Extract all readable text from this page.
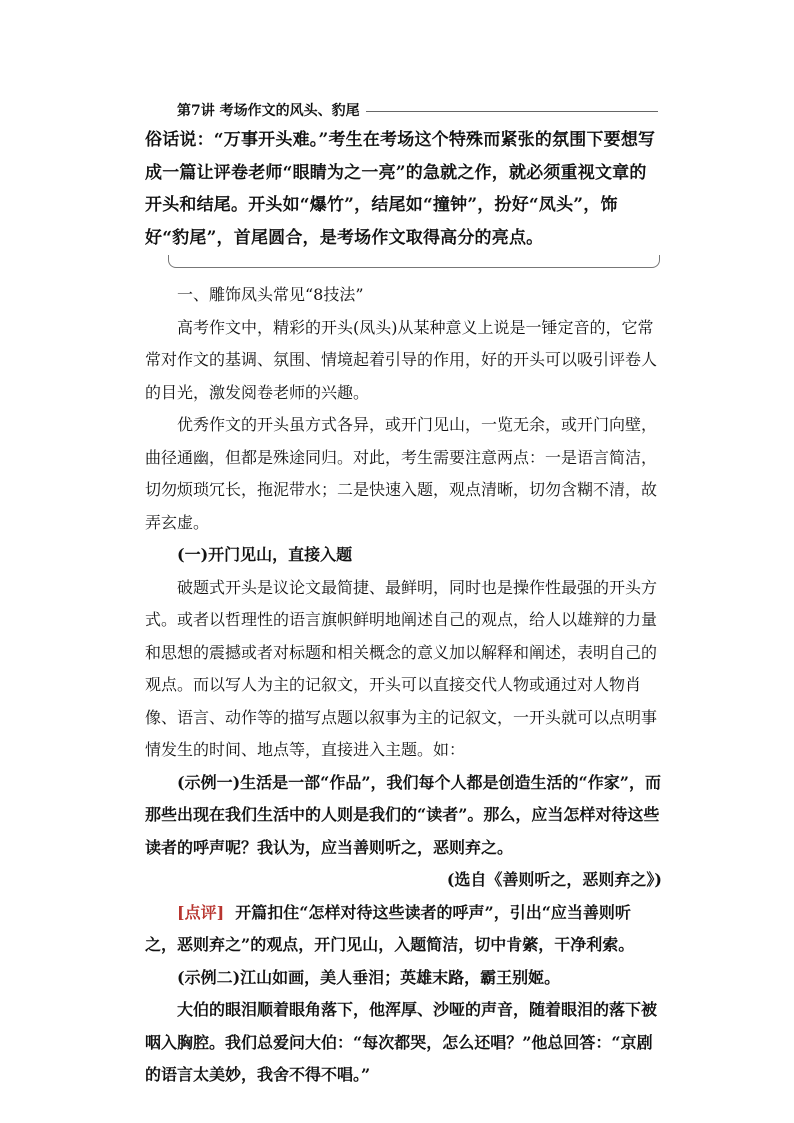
第7讲 考场作文的风头、豹尾
俗话说：“万事开头难。”考生在考场这个特殊而紧张的氛围下要想写成一篇让评卷老师“眼睛为之一亮”的急就之作，就必须重视文章的开头和结尾。开头如“爆竹”，结尾如“撞钟”，扮好“凤头”，饰好“豹尾”，首尾圆合，是考场作文取得高分的亮点。

一、雕饰凤头常见“8技法”

高考作文中，精彩的开头(凤头)从某种意义上说是一锤定音的，它常常对作文的基调、氛围、情境起着引导的作用，好的开头可以吸引评卷人的目光，激发阅卷老师的兴趣。

优秀作文的开头虽方式各异，或开门见山，一览无余，或开门向壁，曲径通幽，但都是殊途同归。对此，考生需要注意两点：一是语言简洁，切勿烦琐冗长，拖泥带水；二是快速入题，观点清晰，切勿含糊不清，故弄玄虚。

(一)开门见山，直接入题

破题式开头是议论文最简捷、最鲜明，同时也是操作性最强的开头方式。或者以哲理性的语言旗帜鲜明地阐述自己的观点，给人以雄辩的力量和思想的震撼或者对标题和相关概念的意义加以解释和阐述，表明自己的观点。而以写人为主的记叙文，开头可以直接交代人物或通过对人物肖像、语言、动作等的描写点题以叙事为主的记叙文，一开头就可以点明事情发生的时间、地点等，直接进入主题。如：

(示例一)生活是一部“作品”，我们每个人都是创造生活的“作家”，而那些出现在我们生活中的人则是我们的“读者”。那么，应当怎样对待这些读者的呼声呢？我认为，应当善则听之，恶则弃之。

(选自《善则听之，恶则弃之》)

[点评] 开篇扣住“怎样对待这些读者的呼声”，引出“应当善则听之，恶则弃之”的观点，开门见山，入题简洁，切中肯綮，干净利索。

(示例二)江山如画，美人垂泪；英雄末路，霸王别姬。

大伯的眼泪顺着眼角落下，他浑厚、沙哑的声音，随着眼泪的落下被咽入胸腔。我们总爱问大伯：“每次都哭，怎么还唱？”他总回答：“京剧的语言太美妙，我舍不得不唱。”
